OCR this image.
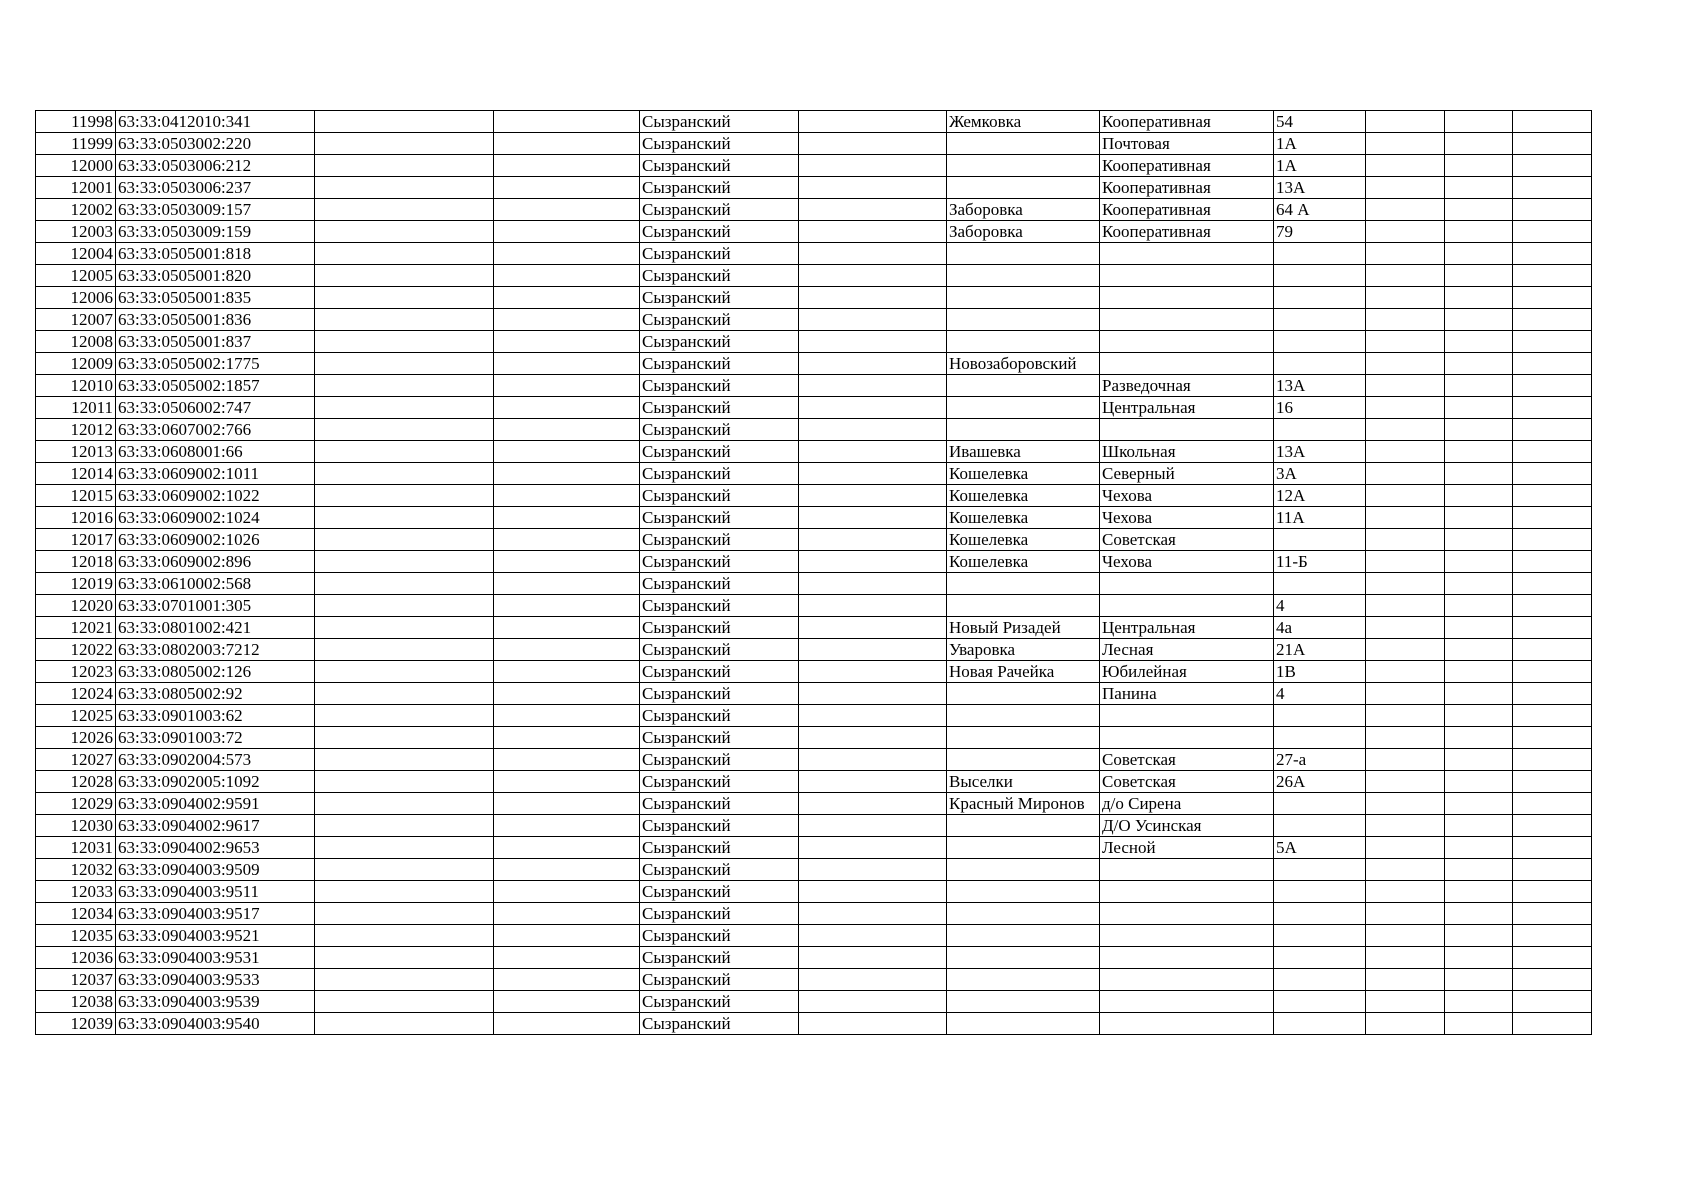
11998	63:33:0412010:341			Сызранский		Жемковка	Кооперативная	54			
11999	63:33:0503002:220			Сызранский			Почтовая	1А			
12000	63:33:0503006:212			Сызранский			Кооперативная	1А			
12001	63:33:0503006:237			Сызранский			Кооперативная	13А			
12002	63:33:0503009:157			Сызранский		Заборовка	Кооперативная	64 А			
12003	63:33:0503009:159			Сызранский		Заборовка	Кооперативная	79			
12004	63:33:0505001:818			Сызранский							
12005	63:33:0505001:820			Сызранский							
12006	63:33:0505001:835			Сызранский							
12007	63:33:0505001:836			Сызранский							
12008	63:33:0505001:837			Сызранский							
12009	63:33:0505002:1775			Сызранский		Новозаборовский					
12010	63:33:0505002:1857			Сызранский			Разведочная	13А			
12011	63:33:0506002:747			Сызранский			Центральная	16			
12012	63:33:0607002:766			Сызранский							
12013	63:33:0608001:66			Сызранский		Ивашевка	Школьная	13А			
12014	63:33:0609002:1011			Сызранский		Кошелевка	Северный	3А			
12015	63:33:0609002:1022			Сызранский		Кошелевка	Чехова	12А			
12016	63:33:0609002:1024			Сызранский		Кошелевка	Чехова	11А			
12017	63:33:0609002:1026			Сызранский		Кошелевка	Советская				
12018	63:33:0609002:896			Сызранский		Кошелевка	Чехова	11-Б			
12019	63:33:0610002:568			Сызранский							
12020	63:33:0701001:305			Сызранский				4			
12021	63:33:0801002:421			Сызранский		Новый Ризадей	Центральная	4а			
12022	63:33:0802003:7212			Сызранский		Уваровка	Лесная	21А			
12023	63:33:0805002:126			Сызранский		Новая Рачейка	Юбилейная	1В			
12024	63:33:0805002:92			Сызранский			Панина	4			
12025	63:33:0901003:62			Сызранский							
12026	63:33:0901003:72			Сызранский							
12027	63:33:0902004:573			Сызранский			Советская	27-а			
12028	63:33:0902005:1092			Сызранский		Выселки	Советская	26А			
12029	63:33:0904002:9591			Сызранский		Красный Миронов	д/о Сирена				
12030	63:33:0904002:9617			Сызранский			Д/О Усинская				
12031	63:33:0904002:9653			Сызранский			Лесной	5А			
12032	63:33:0904003:9509			Сызранский							
12033	63:33:0904003:9511			Сызранский							
12034	63:33:0904003:9517			Сызранский							
12035	63:33:0904003:9521			Сызранский							
12036	63:33:0904003:9531			Сызранский							
12037	63:33:0904003:9533			Сызранский							
12038	63:33:0904003:9539			Сызранский							
12039	63:33:0904003:9540			Сызранский							
